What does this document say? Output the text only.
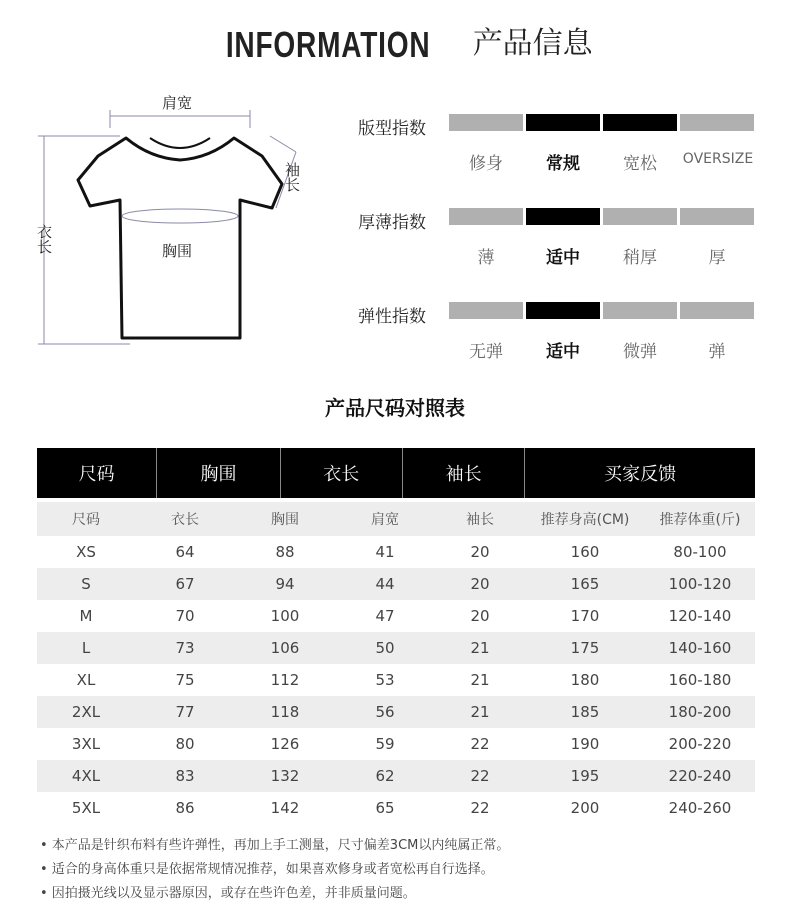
INFORMATION 产品信息
肩宽
袖长
衣长	胸围
版型指数
修身	常规	宽松	OVERSIZE
厚薄指数
薄	适中	稍厚	厚
弹性指数
无弹	适中	微弹	弹
产品尺码对照表
尺码	胸围	衣长	袖长	买家反馈
尺码	衣长	胸围	肩宽	袖长	推荐身高(CM)	推荐体重(斤)
XS	64	88	41	20	160	80-100
S	67	94	44	20	165	100-120
M	70	100	47	20	170	120-140
L	73	106	50	21	175	140-160
XL	75	112	53	21	180	160-180
2XL	77	118	56	21	185	180-200
3XL	80	126	59	22	190	200-220
4XL	83	132	62	22	195	220-240
5XL	86	142	65	22	200	240-260
• 本产品是针织布料有些许弹性，再加上手工测量，尺寸偏差3CM以内纯属正常。
• 适合的身高体重只是依据常规情况推荐，如果喜欢修身或者宽松再自行选择。
• 因拍摄光线以及显示器原因，或存在些许色差，并非质量问题。
